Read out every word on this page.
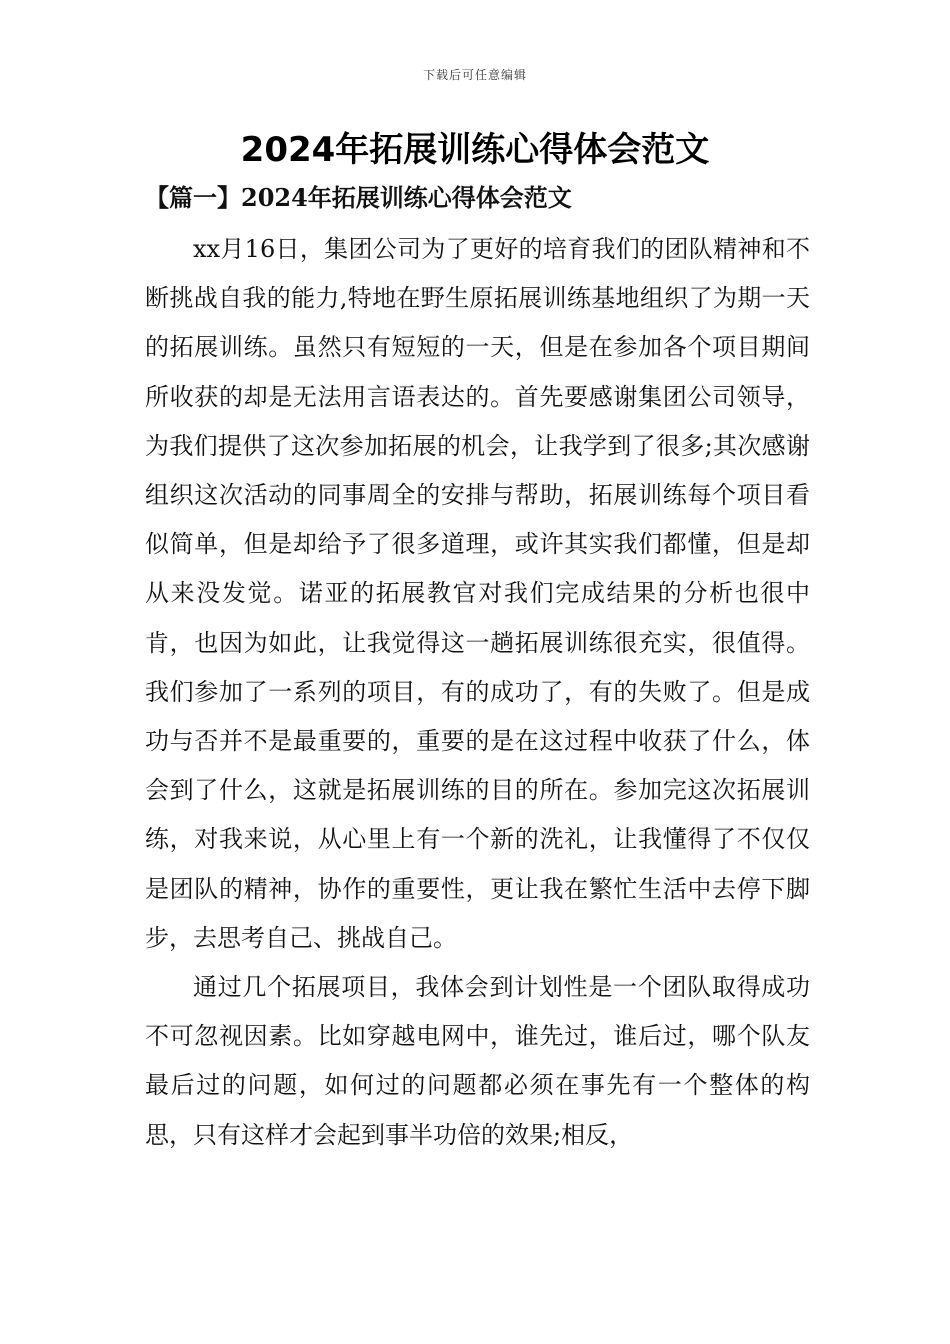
下载后可任意编辑
2024年拓展训练心得体会范文
【篇一】2024年拓展训练心得体会范文

xx月16日，集团公司为了更好的培育我们的团队精神和不断挑战自我的能力,特地在野生原拓展训练基地组织了为期一天的拓展训练。虽然只有短短的一天，但是在参加各个项目期间所收获的却是无法用言语表达的。首先要感谢集团公司领导，为我们提供了这次参加拓展的机会，让我学到了很多;其次感谢组织这次活动的同事周全的安排与帮助，拓展训练每个项目看似简单，但是却给予了很多道理，或许其实我们都懂，但是却从来没发觉。诺亚的拓展教官对我们完成结果的分析也很中肯，也因为如此，让我觉得这一趟拓展训练很充实，很值得。我们参加了一系列的项目，有的成功了，有的失败了。但是成功与否并不是最重要的，重要的是在这过程中收获了什么，体会到了什么，这就是拓展训练的目的所在。参加完这次拓展训练，对我来说，从心里上有一个新的洗礼，让我懂得了不仅仅是团队的精神，协作的重要性，更让我在繁忙生活中去停下脚步，去思考自己、挑战自己。

通过几个拓展项目，我体会到计划性是一个团队取得成功不可忽视因素。比如穿越电网中，谁先过，谁后过，哪个队友最后过的问题，如何过的问题都必须在事先有一个整体的构思，只有这样才会起到事半功倍的效果;相反，
